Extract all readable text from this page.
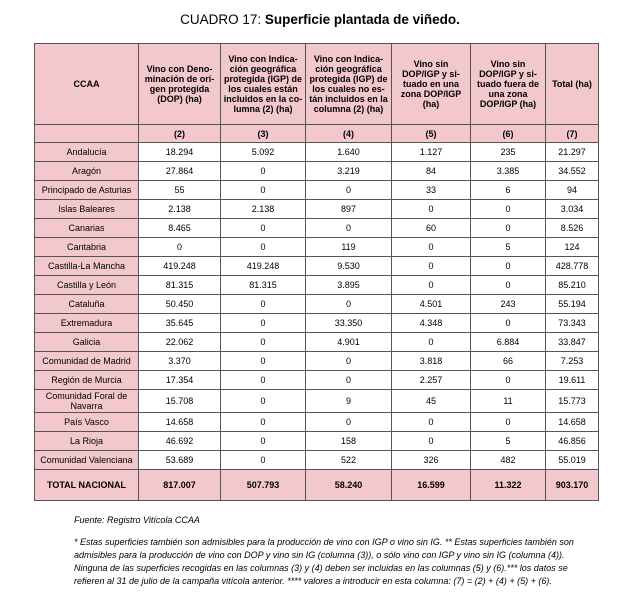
CUADRO 17: Superficie plantada de viñedo.
CCAA	Vino con Deno-minación de ori-gen protegida (DOP) (ha)	Vino con Indica-ción geográfica protegida (IGP) de los cuales están incluidos en la co-lumna (2) (ha)	Vino con Indica-ción geográfica protegida (IGP) de los cuales no es-tán incluidos en la columna (2) (ha)	Vino sin DOP/IGP y si-tuado en una zona DOP/IGP (ha)	Vino sin DOP/IGP y si-tuado fuera de una zona DOP/IGP (ha)	Total (ha)
	(2)	(3)	(4)	(5)	(6)	(7)
Andalucía	18.294	5.092	1.640	1.127	235	21.297
Aragón	27.864	0	3.219	84	3.385	34.552
Principado de Asturias	55	0	0	33	6	94
Islas Baleares	2.138	2.138	897	0	0	3.034
Canarias	8.465	0	0	60	0	8.526
Cantabria	0	0	119	0	5	124
Castilla-La Mancha	419.248	419.248	9.530	0	0	428.778
Castilla y León	81.315	81.315	3.895	0	0	85.210
Cataluña	50.450	0	0	4.501	243	55.194
Extremadura	35.645	0	33.350	4.348	0	73.343
Galicia	22.062	0	4.901	0	6.884	33.847
Comunidad de Madrid	3.370	0	0	3.818	66	7.253
Región de Murcia	17.354	0	0	2.257	0	19.611
Comunidad Foral de Navarra	15.708	0	9	45	11	15.773
País Vasco	14.658	0	0	0	0	14.658
La Rioja	46.692	0	158	0	5	46.856
Comunidad Valenciana	53.689	0	522	326	482	55.019
TOTAL NACIONAL	817.007	507.793	58.240	16.599	11.322	903.170
Fuente: Registro Vitícola CCAA
* Estas superficies también son admisibles para la producción de vino con IGP o vino sin IG. ** Estas superficies también son admisibles para la producción de vino con DOP y vino sin IG (columna (3)), o sólo vino con IGP y vino sin IG (columna (4)). Ninguna de las superficies recogidas en las columnas (3) y (4) deben ser incluidas en las columnas (5) y (6).*** los datos se refieren al 31 de julio de la campaña vitícola anterior. **** valores a introducir en esta columna: (7) = (2) + (4) + (5) + (6).
